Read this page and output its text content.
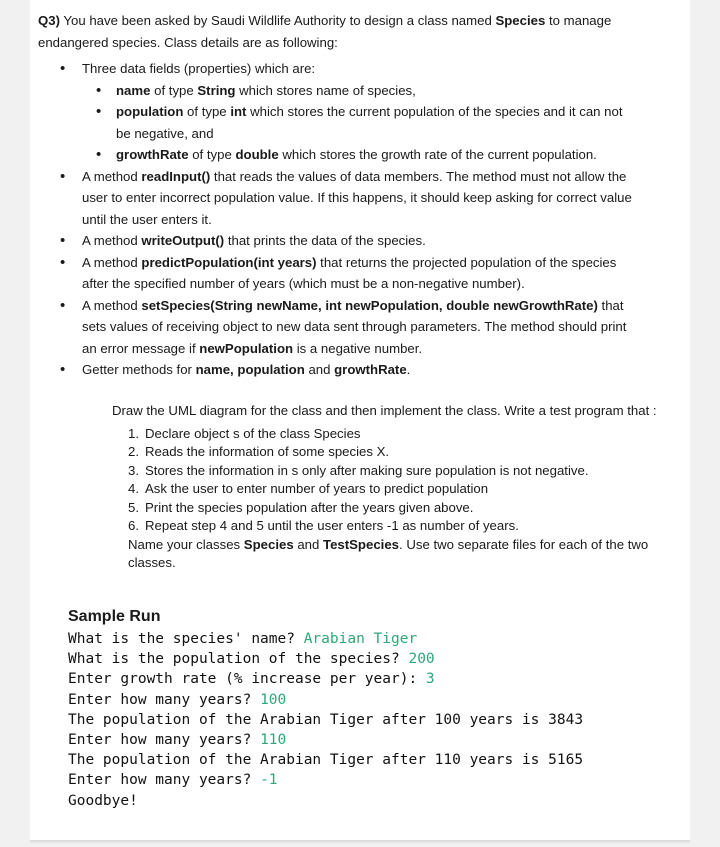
Q3) You have been asked by Saudi Wildlife Authority to design a class named Species to manage endangered species. Class details are as following:

• Three data fields (properties) which are:
• name of type String which stores name of species,
• population of type int which stores the current population of the species and it can not be negative, and
• growthRate of type double which stores the growth rate of the current population.
• A method readInput() that reads the values of data members. The method must not allow the user to enter incorrect population value. If this happens, it should keep asking for correct value until the user enters it.
• A method writeOutput() that prints the data of the species.
• A method predictPopulation(int years) that returns the projected population of the species after the specified number of years (which must be a non-negative number).
• A method setSpecies(String newName, int newPopulation, double newGrowthRate) that sets values of receiving object to new data sent through parameters. The method should print an error message if newPopulation is a negative number.
• Getter methods for name, population and growthRate.

Draw the UML diagram for the class and then implement the class. Write a test program that :

1. Declare object s of the class Species
2. Reads the information of some species X.
3. Stores the information in s only after making sure population is not negative.
4. Ask the user to enter number of years to predict population
5. Print the species population after the years given above.
6. Repeat step 4 and 5 until the user enters -1 as number of years.

Name your classes Species and TestSpecies. Use two separate files for each of the two classes.

Sample Run
What is the species' name? Arabian Tiger
What is the population of the species? 200
Enter growth rate (% increase per year): 3
Enter how many years? 100
The population of the Arabian Tiger after 100 years is 3843
Enter how many years? 110
The population of the Arabian Tiger after 110 years is 5165
Enter how many years? -1
Goodbye!
